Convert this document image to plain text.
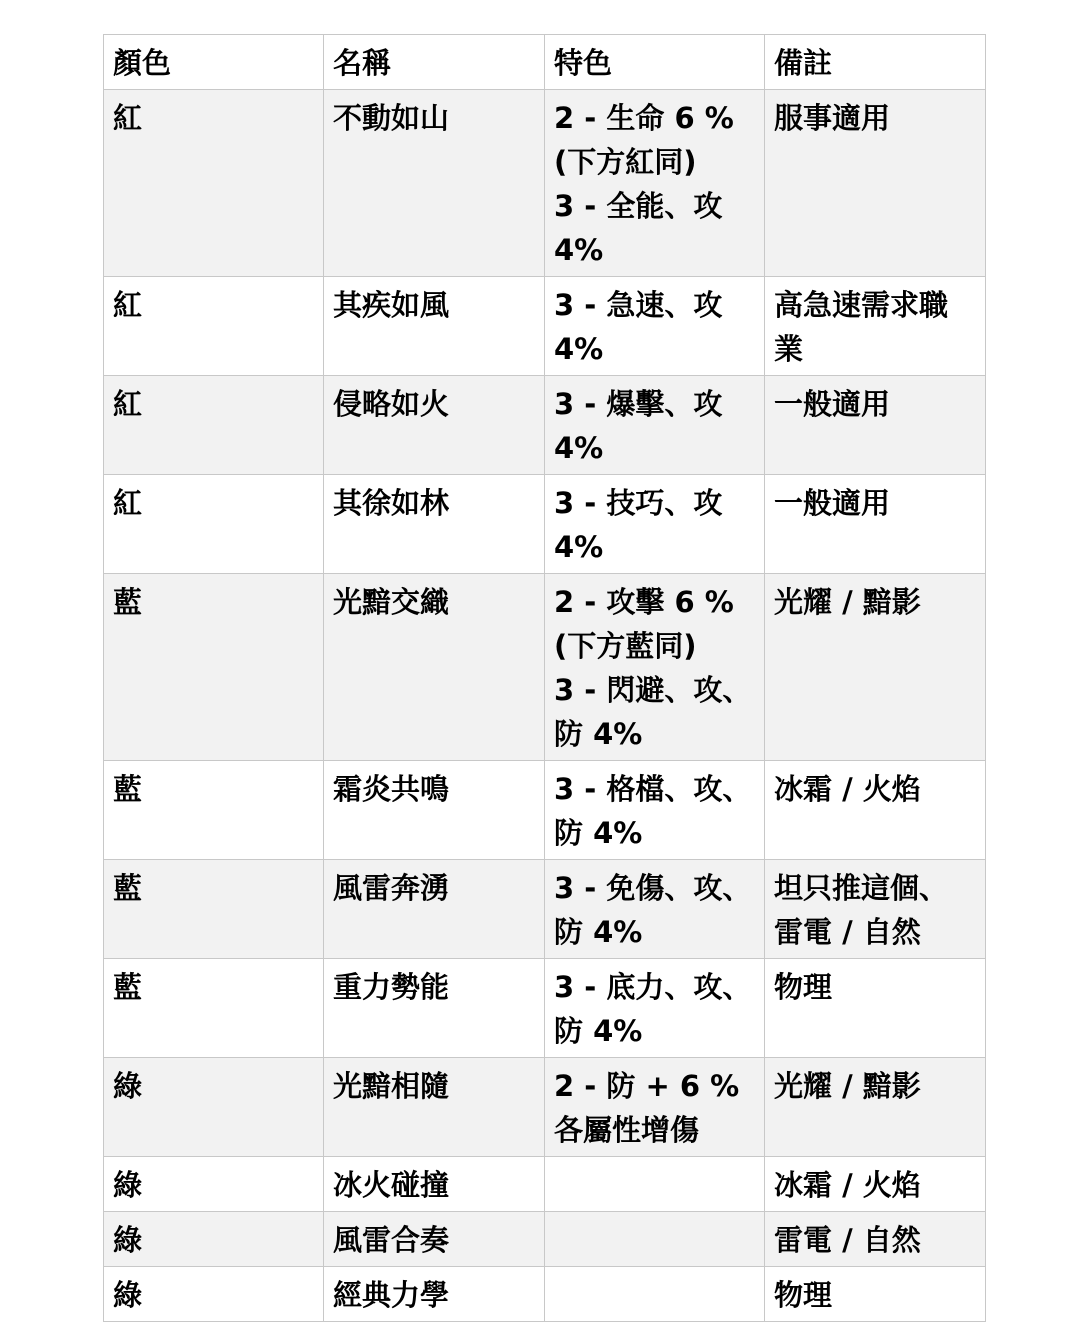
顏色	名稱	特色	備註
紅	不動如山	2 - 生命 6 %
(下方紅同)
3 - 全能、攻
4%	服事適用
紅	其疾如風	3 - 急速、攻
4%	高急速需求職
業
紅	侵略如火	3 - 爆擊、攻
4%	一般適用
紅	其徐如林	3 - 技巧、攻
4%	一般適用
藍	光黯交織	2 - 攻擊 6 %
(下方藍同)
3 - 閃避、攻、
防 4%	光耀 / 黯影
藍	霜炎共鳴	3 - 格檔、攻、
防 4%	冰霜 / 火焰
藍	風雷奔湧	3 - 免傷、攻、
防 4%	坦只推這個、
雷電 / 自然
藍	重力勢能	3 - 底力、攻、
防 4%	物理
綠	光黯相隨	2 - 防 + 6 %
各屬性增傷	光耀 / 黯影
綠	冰火碰撞		冰霜 / 火焰
綠	風雷合奏		雷電 / 自然
綠	經典力學		物理
